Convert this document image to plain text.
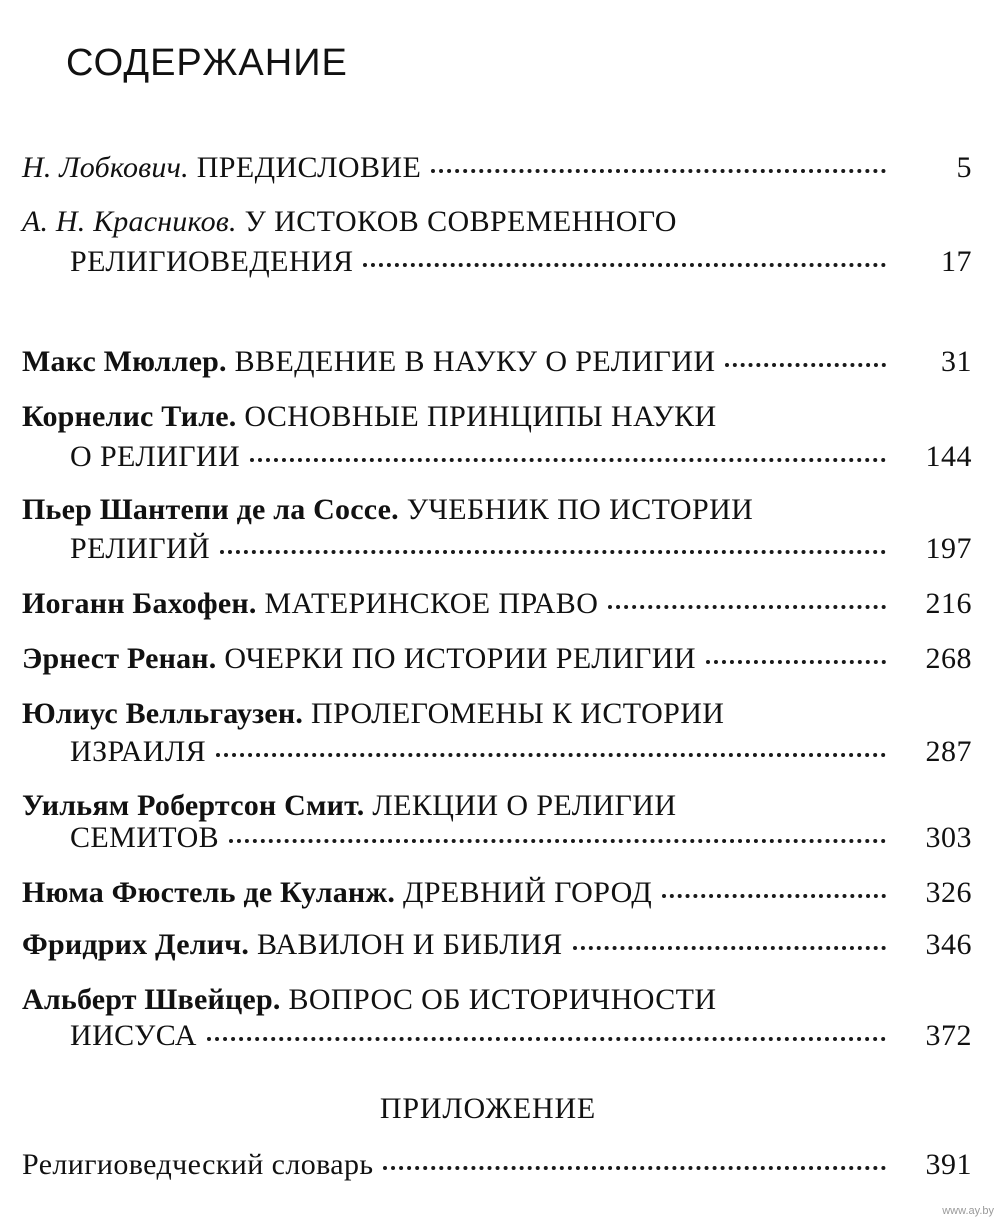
СОДЕРЖАНИЕ
Н. Лобкович. ПРЕДИСЛОВИЕ	5
А. Н. Красников. У ИСТОКОВ СОВРЕМЕННОГО
РЕЛИГИОВЕДЕНИЯ	17
Макс Мюллер. ВВЕДЕНИЕ В НАУКУ О РЕЛИГИИ	31
Корнелис Тиле. ОСНОВНЫЕ ПРИНЦИПЫ НАУКИ
О РЕЛИГИИ	144
Пьер Шантепи де ла Соссе. УЧЕБНИК ПО ИСТОРИИ
РЕЛИГИЙ	197
Иоганн Бахофен. МАТЕРИНСКОЕ ПРАВО	216
Эрнест Ренан. ОЧЕРКИ ПО ИСТОРИИ РЕЛИГИИ	268
Юлиус Велльгаузен. ПРОЛЕГОМЕНЫ К ИСТОРИИ
ИЗРАИЛЯ	287
Уильям Робертсон Смит. ЛЕКЦИИ О РЕЛИГИИ
СЕМИТОВ	303
Нюма Фюстель де Куланж. ДРЕВНИЙ ГОРОД	326
Фридрих Делич. ВАВИЛОН И БИБЛИЯ	346
Альберт Швейцер. ВОПРОС ОБ ИСТОРИЧНОСТИ
ИИСУСА	372
ПРИЛОЖЕНИЕ
Религиоведческий словарь	391
www.ay.by
